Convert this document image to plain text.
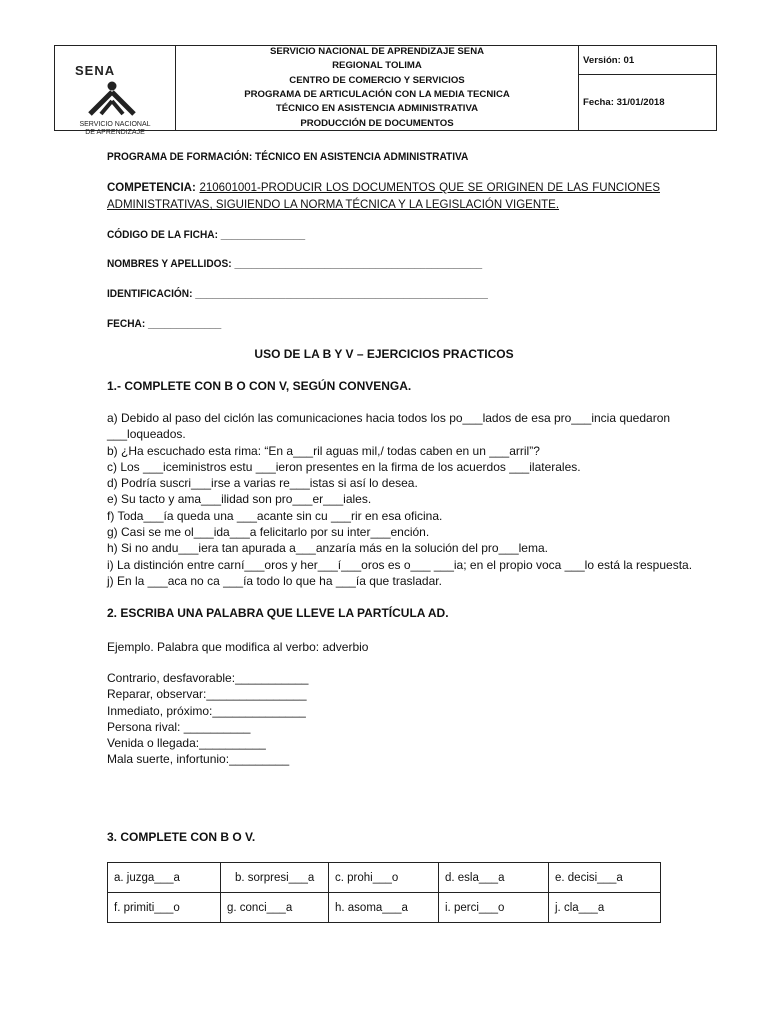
SENA
SERVICIO NACIONAL
DE APRENDIZAJE
SERVICIO NACIONAL DE APRENDIZAJE SENA
REGIONAL TOLIMA
CENTRO DE COMERCIO Y SERVICIOS
PROGRAMA DE ARTICULACIÓN CON LA MEDIA TECNICA
TÉCNICO EN ASISTENCIA ADMINISTRATIVA
PRODUCCIÓN DE DOCUMENTOS
Versión: 01
Fecha: 31/01/2018
PROGRAMA DE FORMACIÓN: TÉCNICO EN ASISTENCIA ADMINISTRATIVA
COMPETENCIA: 210601001-PRODUCIR LOS DOCUMENTOS QUE SE ORIGINEN DE LAS FUNCIONES ADMINISTRATIVAS, SIGUIENDO LA NORMA TÉCNICA Y LA LEGISLACIÓN VIGENTE.
CÓDIGO DE LA FICHA: _______________
NOMBRES Y APELLIDOS: ____________________________________________
IDENTIFICACIÓN: ____________________________________________________
FECHA: _____________
USO DE LA B Y V – EJERCICIOS PRACTICOS
1.- COMPLETE CON B O CON V, SEGÚN CONVENGA.
a) Debido al paso del ciclón las comunicaciones hacia todos los po___lados de esa pro___incia quedaron
___loqueados.
b) ¿Ha escuchado esta rima: “En a___ril aguas mil,/ todas caben en un ___arril”?
c) Los ___iceministros estu ___ieron presentes en la firma de los acuerdos ___ilaterales.
d) Podría suscri___irse a varias re___istas si así lo desea.
e) Su tacto y ama___ilidad son pro___er___iales.
f) Toda___ía queda una ___acante sin cu ___rir en esa oficina.
g) Casi se me ol___ida___a felicitarlo por su inter___ención.
h) Si no andu___iera tan apurada a___anzaría más en la solución del pro___lema.
i) La distinción entre carní___oros y her___í___oros es o___ ___ia; en el propio voca ___lo está la respuesta.
j) En la ___aca no ca ___ía todo lo que ha ___ía que trasladar.
2. ESCRIBA UNA PALABRA QUE LLEVE LA PARTÍCULA AD.
Ejemplo. Palabra que modifica al verbo: adverbio
Contrario, desfavorable:___________
Reparar, observar:_______________
Inmediato, próximo:______________
Persona rival: __________
Venida o llegada:__________
Mala suerte, infortunio:_________
3. COMPLETE CON B O V.
a. juzga___a	b. sorpresi___a	c. prohi___o	d. esla___a	e. decisi___a
f. primiti___o	g. conci___a	h. asoma___a	i. perci___o	j. cla___a
